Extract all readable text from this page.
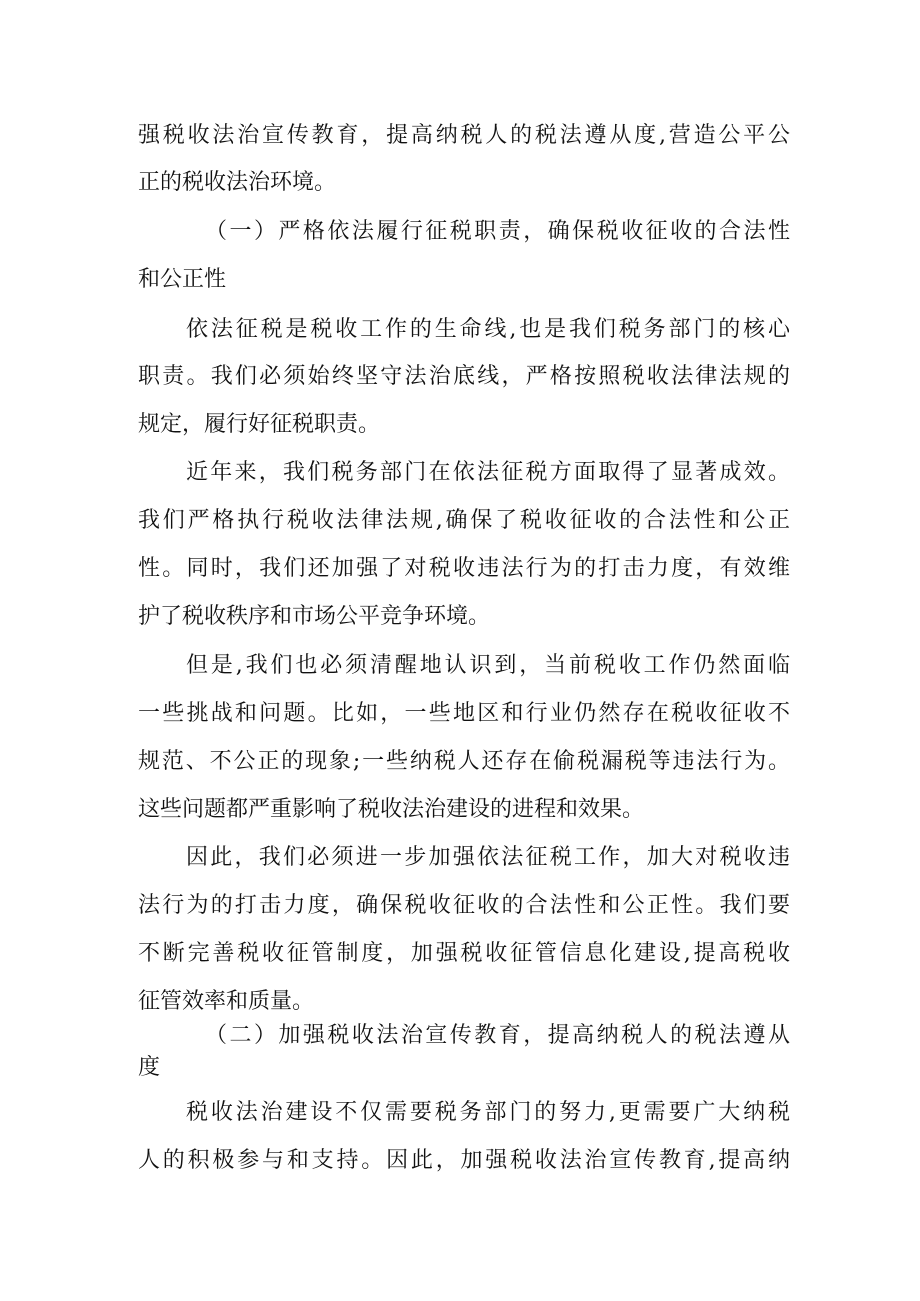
强税收法治宣传教育，提高纳税人的税法遵从度,营造公平公

正的税收法治环境。

（一）严格依法履行征税职责，确保税收征收的合法性

和公正性

依法征税是税收工作的生命线,也是我们税务部门的核心

职责。我们必须始终坚守法治底线，严格按照税收法律法规的

规定，履行好征税职责。

近年来，我们税务部门在依法征税方面取得了显著成效。

我们严格执行税收法律法规,确保了税收征收的合法性和公正

性。同时，我们还加强了对税收违法行为的打击力度，有效维

护了税收秩序和市场公平竞争环境。

但是,我们也必须清醒地认识到，当前税收工作仍然面临

一些挑战和问题。比如，一些地区和行业仍然存在税收征收不

规范、不公正的现象;一些纳税人还存在偷税漏税等违法行为。

这些问题都严重影响了税收法治建设的进程和效果。

因此，我们必须进一步加强依法征税工作，加大对税收违

法行为的打击力度，确保税收征收的合法性和公正性。我们要

不断完善税收征管制度，加强税收征管信息化建设,提高税收

征管效率和质量。

（二）加强税收法治宣传教育，提高纳税人的税法遵从

度

税收法治建设不仅需要税务部门的努力,更需要广大纳税

人的积极参与和支持。因此，加强税收法治宣传教育,提高纳
